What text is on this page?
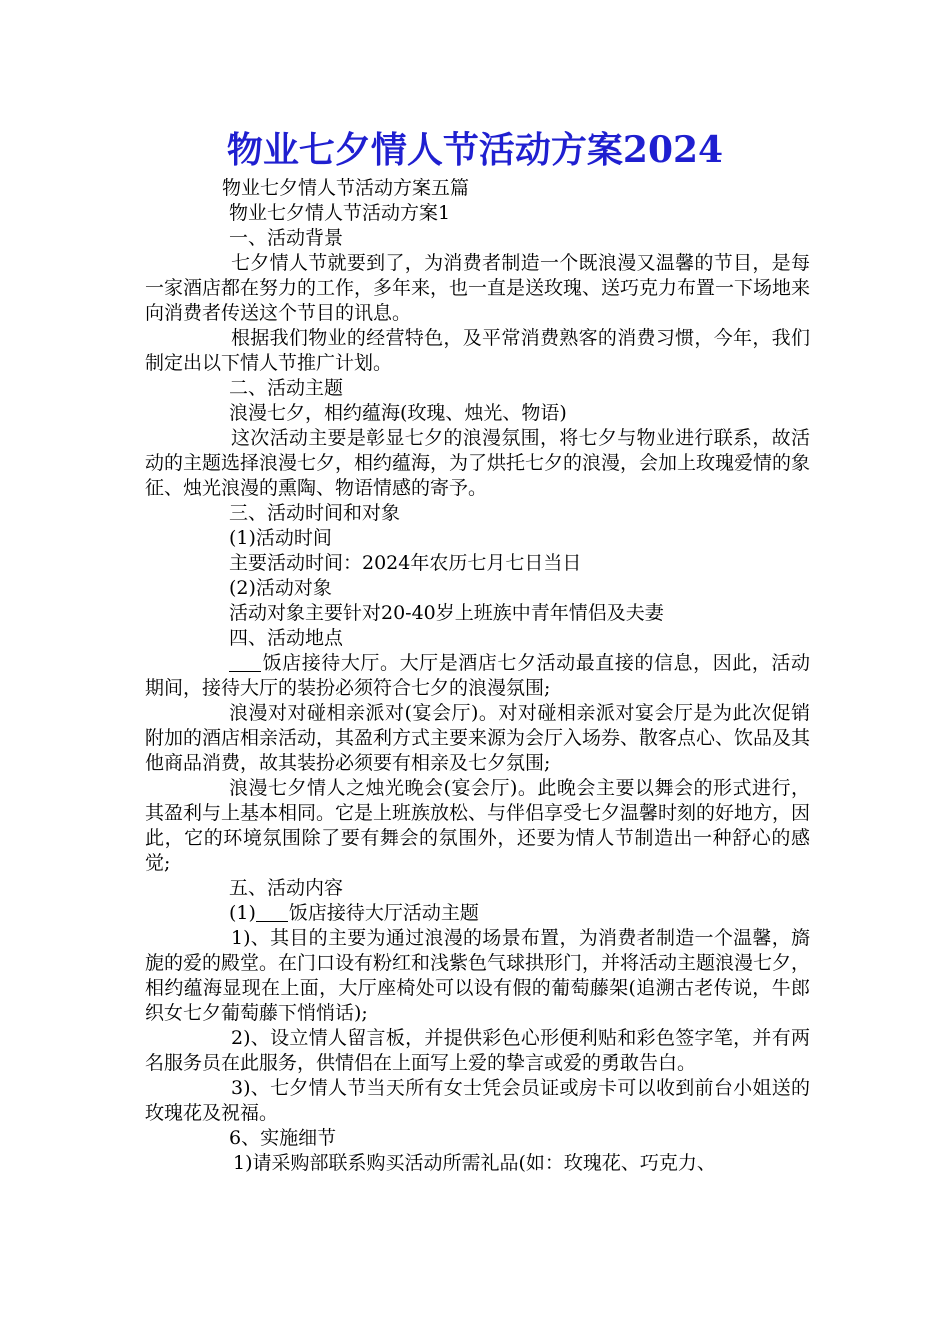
物业七夕情人节活动方案2024

物业七夕情人节活动方案五篇

物业七夕情人节活动方案1

一、活动背景

七夕情人节就要到了，为消费者制造一个既浪漫又温馨的节目，是每一家酒店都在努力的工作，多年来，也一直是送玫瑰、送巧克力布置一下场地来向消费者传送这个节目的讯息。

根据我们物业的经营特色，及平常消费熟客的消费习惯，今年，我们制定出以下情人节推广计划。

二、活动主题

浪漫七夕，相约蕴海(玫瑰、烛光、物语)

这次活动主要是彰显七夕的浪漫氛围，将七夕与物业进行联系，故活动的主题选择浪漫七夕，相约蕴海，为了烘托七夕的浪漫，会加上玫瑰爱情的象征、烛光浪漫的熏陶、物语情感的寄予。

三、活动时间和对象

(1)活动时间

主要活动时间：2024年农历七月七日当日

(2)活动对象

活动对象主要针对20-40岁上班族中青年情侣及夫妻

四、活动地点

饭店接待大厅。大厅是酒店七夕活动最直接的信息，因此，活动期间，接待大厅的装扮必须符合七夕的浪漫氛围;

浪漫对对碰相亲派对(宴会厅)。对对碰相亲派对宴会厅是为此次促销附加的酒店相亲活动，其盈利方式主要来源为会厅入场券、散客点心、饮品及其他商品消费，故其装扮必须要有相亲及七夕氛围;

浪漫七夕情人之烛光晚会(宴会厅)。此晚会主要以舞会的形式进行，其盈利与上基本相同。它是上班族放松、与伴侣享受七夕温馨时刻的好地方，因此，它的环境氛围除了要有舞会的氛围外，还要为情人节制造出一种舒心的感觉;

五、活动内容

(1) 饭店接待大厅活动主题

1)、其目的主要为通过浪漫的场景布置，为消费者制造一个温馨，旖旎的爱的殿堂。在门口设有粉红和浅紫色气球拱形门，并将活动主题浪漫七夕，相约蕴海显现在上面，大厅座椅处可以设有假的葡萄藤架(追溯古老传说，牛郎织女七夕葡萄藤下悄悄话);

2)、设立情人留言板，并提供彩色心形便利贴和彩色签字笔，并有两名服务员在此服务，供情侣在上面写上爱的挚言或爱的勇敢告白。

3)、七夕情人节当天所有女士凭会员证或房卡可以收到前台小姐送的玫瑰花及祝福。

6、实施细节

1)请采购部联系购买活动所需礼品(如：玫瑰花、巧克力、
